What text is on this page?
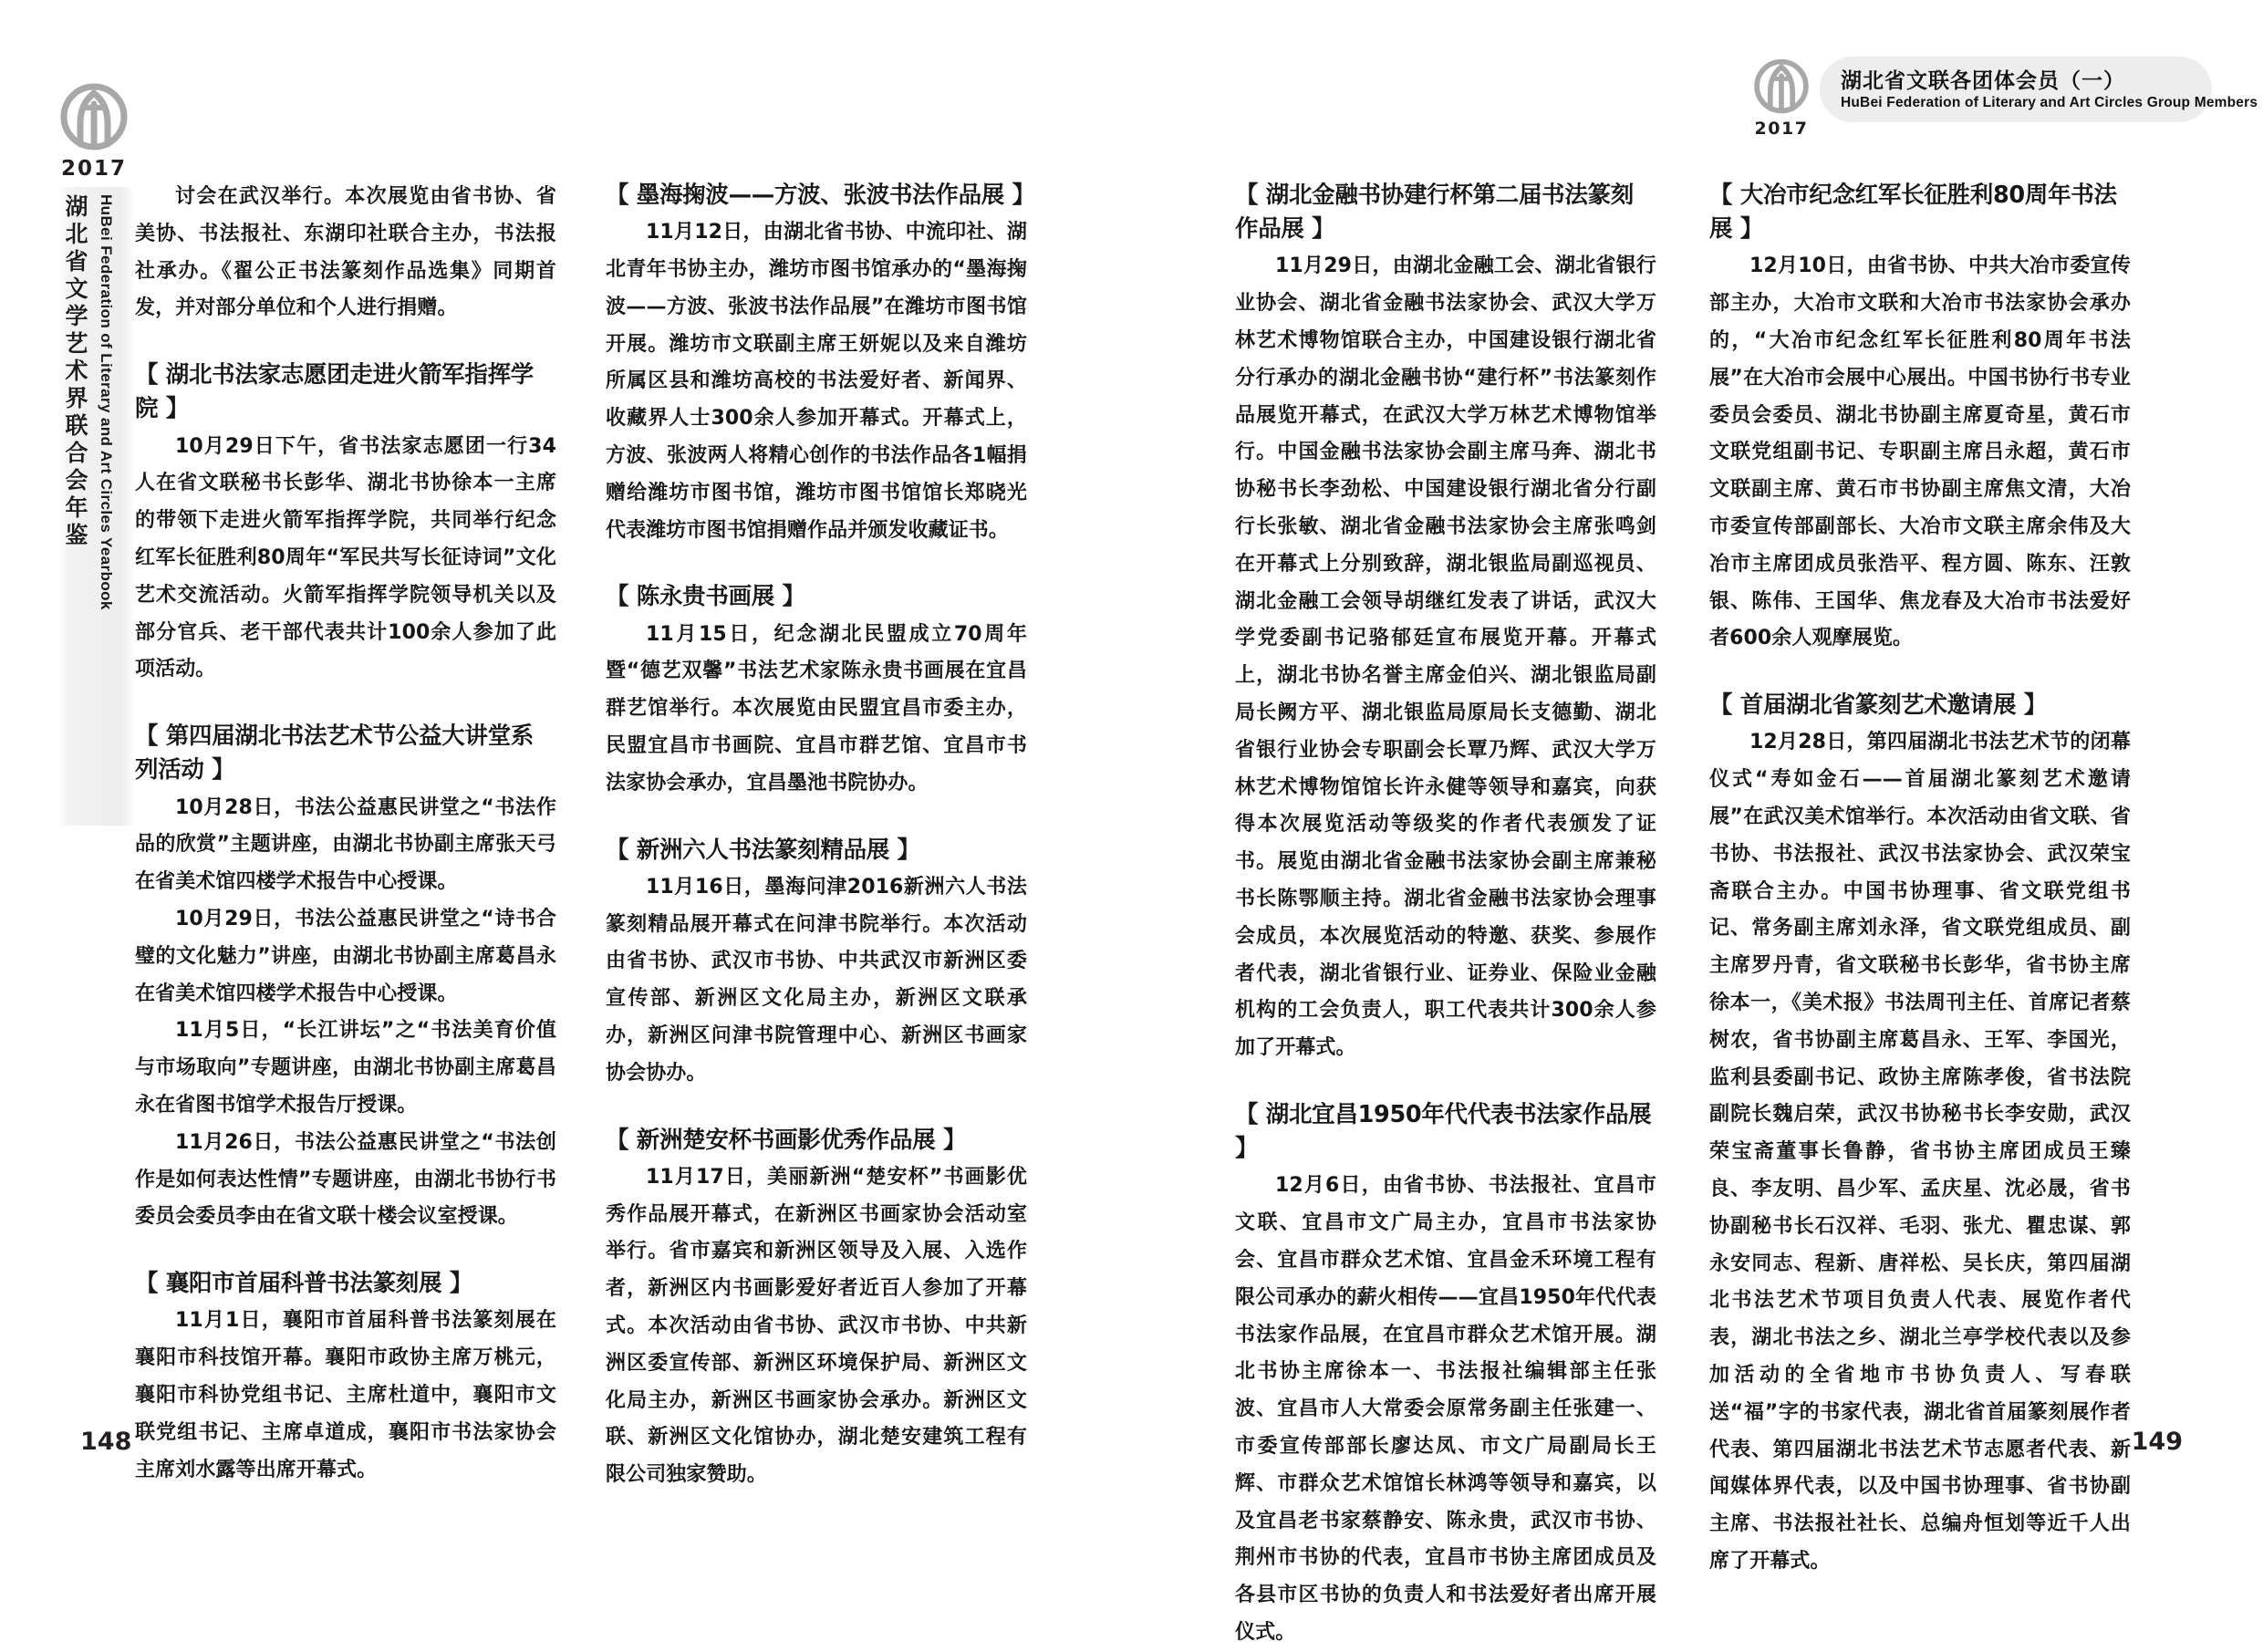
2017
湖北省文学艺术界联合会年鉴 HuBei Federation of Literary and Art Circles Yearbook
2017
湖北省文联各团体会员（一）
HuBei Federation of Literary and Art Circles Group Members

讨会在武汉举行。本次展览由省书协、省美协、书法报社、东湖印社联合主办，书法报社承办。《翟公正书法篆刻作品选集》同期首发，并对部分单位和个人进行捐赠。

【 湖北书法家志愿团走进火箭军指挥学院 】

10月29日下午，省书法家志愿团一行34人在省文联秘书长彭华、湖北书协徐本一主席的带领下走进火箭军指挥学院，共同举行纪念红军长征胜利80周年“军民共写长征诗词”文化艺术交流活动。火箭军指挥学院领导机关以及部分官兵、老干部代表共计100余人参加了此项活动。

【 第四届湖北书法艺术节公益大讲堂系列活动 】

10月28日，书法公益惠民讲堂之“书法作品的欣赏”主题讲座，由湖北书协副主席张天弓在省美术馆四楼学术报告中心授课。

10月29日，书法公益惠民讲堂之“诗书合璧的文化魅力”讲座，由湖北书协副主席葛昌永在省美术馆四楼学术报告中心授课。

11月5日，“长江讲坛”之“书法美育价值与市场取向”专题讲座，由湖北书协副主席葛昌永在省图书馆学术报告厅授课。

11月26日，书法公益惠民讲堂之“书法创作是如何表达性情”专题讲座，由湖北书协行书委员会委员李由在省文联十楼会议室授课。

【 襄阳市首届科普书法篆刻展 】

11月1日，襄阳市首届科普书法篆刻展在襄阳市科技馆开幕。襄阳市政协主席万桃元，襄阳市科协党组书记、主席杜道中，襄阳市文联党组书记、主席卓道成，襄阳市书法家协会主席刘水露等出席开幕式。

【 墨海掬波——方波、张波书法作品展 】

11月12日，由湖北省书协、中流印社、湖北青年书协主办，潍坊市图书馆承办的“墨海掬波——方波、张波书法作品展”在潍坊市图书馆开展。潍坊市文联副主席王妍妮以及来自潍坊所属区县和潍坊高校的书法爱好者、新闻界、收藏界人士300余人参加开幕式。开幕式上，方波、张波两人将精心创作的书法作品各1幅捐赠给潍坊市图书馆，潍坊市图书馆馆长郑晓光代表潍坊市图书馆捐赠作品并颁发收藏证书。

【 陈永贵书画展 】

11月15日，纪念湖北民盟成立70周年暨“德艺双馨”书法艺术家陈永贵书画展在宜昌群艺馆举行。本次展览由民盟宜昌市委主办，民盟宜昌市书画院、宜昌市群艺馆、宜昌市书法家协会承办，宜昌墨池书院协办。

【 新洲六人书法篆刻精品展 】

11月16日，墨海问津2016新洲六人书法篆刻精品展开幕式在问津书院举行。本次活动由省书协、武汉市书协、中共武汉市新洲区委宣传部、新洲区文化局主办，新洲区文联承办，新洲区问津书院管理中心、新洲区书画家协会协办。

【 新洲楚安杯书画影优秀作品展 】

11月17日，美丽新洲“楚安杯”书画影优秀作品展开幕式，在新洲区书画家协会活动室举行。省市嘉宾和新洲区领导及入展、入选作者，新洲区内书画影爱好者近百人参加了开幕式。本次活动由省书协、武汉市书协、中共新洲区委宣传部、新洲区环境保护局、新洲区文化局主办，新洲区书画家协会承办。新洲区文联、新洲区文化馆协办，湖北楚安建筑工程有限公司独家赞助。

【 湖北金融书协建行杯第二届书法篆刻作品展 】

11月29日，由湖北金融工会、湖北省银行业协会、湖北省金融书法家协会、武汉大学万林艺术博物馆联合主办，中国建设银行湖北省分行承办的湖北金融书协“建行杯”书法篆刻作品展览开幕式，在武汉大学万林艺术博物馆举行。中国金融书法家协会副主席马奔、湖北书协秘书长李劲松、中国建设银行湖北省分行副行长张敏、湖北省金融书法家协会主席张鸣剑在开幕式上分别致辞，湖北银监局副巡视员、湖北金融工会领导胡继红发表了讲话，武汉大学党委副书记骆郁廷宣布展览开幕。开幕式上，湖北书协名誉主席金伯兴、湖北银监局副局长阙方平、湖北银监局原局长支德勤、湖北省银行业协会专职副会长覃乃辉、武汉大学万林艺术博物馆馆长许永健等领导和嘉宾，向获得本次展览活动等级奖的作者代表颁发了证书。展览由湖北省金融书法家协会副主席兼秘书长陈鄂顺主持。湖北省金融书法家协会理事会成员，本次展览活动的特邀、获奖、参展作者代表，湖北省银行业、证券业、保险业金融机构的工会负责人，职工代表共计300余人参加了开幕式。

【 湖北宜昌1950年代代表书法家作品展 】

12月6日，由省书协、书法报社、宜昌市文联、宜昌市文广局主办，宜昌市书法家协会、宜昌市群众艺术馆、宜昌金禾环境工程有限公司承办的薪火相传——宜昌1950年代代表书法家作品展，在宜昌市群众艺术馆开展。湖北书协主席徐本一、书法报社编辑部主任张波、宜昌市人大常委会原常务副主任张建一、市委宣传部部长廖达凤、市文广局副局长王辉、市群众艺术馆馆长林鸿等领导和嘉宾，以及宜昌老书家蔡静安、陈永贵，武汉市书协、荆州市书协的代表，宜昌市书协主席团成员及各县市区书协的负责人和书法爱好者出席开展仪式。

【 大冶市纪念红军长征胜利80周年书法展 】

12月10日，由省书协、中共大冶市委宣传部主办，大冶市文联和大冶市书法家协会承办的，“大冶市纪念红军长征胜利80周年书法展”在大冶市会展中心展出。中国书协行书专业委员会委员、湖北书协副主席夏奇星，黄石市文联党组副书记、专职副主席吕永超，黄石市文联副主席、黄石市书协副主席焦文清，大冶市委宣传部副部长、大冶市文联主席余伟及大冶市主席团成员张浩平、程方圆、陈东、汪敦银、陈伟、王国华、焦龙春及大冶市书法爱好者600余人观摩展览。

【 首届湖北省篆刻艺术邀请展 】

12月28日，第四届湖北书法艺术节的闭幕仪式“寿如金石——首届湖北篆刻艺术邀请展”在武汉美术馆举行。本次活动由省文联、省书协、书法报社、武汉书法家协会、武汉荣宝斋联合主办。中国书协理事、省文联党组书记、常务副主席刘永泽，省文联党组成员、副主席罗丹青，省文联秘书长彭华，省书协主席徐本一，《美术报》书法周刊主任、首席记者蔡树农，省书协副主席葛昌永、王军、李国光，监利县委副书记、政协主席陈孝俊，省书法院副院长魏启荣，武汉书协秘书长李安勋，武汉荣宝斋董事长鲁静，省书协主席团成员王臻良、李友明、昌少军、孟庆星、沈必晟，省书协副秘书长石汉祥、毛羽、张尤、瞿忠谋、郭永安同志、程新、唐祥松、吴长庆，第四届湖北书法艺术节项目负责人代表、展览作者代表，湖北书法之乡、湖北兰亭学校代表以及参加活动的全省地市书协负责人、写春联送“福”字的书家代表，湖北省首届篆刻展作者代表、第四届湖北书法艺术节志愿者代表、新闻媒体界代表，以及中国书协理事、省书协副主席、书法报社社长、总编舟恒划等近千人出席了开幕式。

148	149
